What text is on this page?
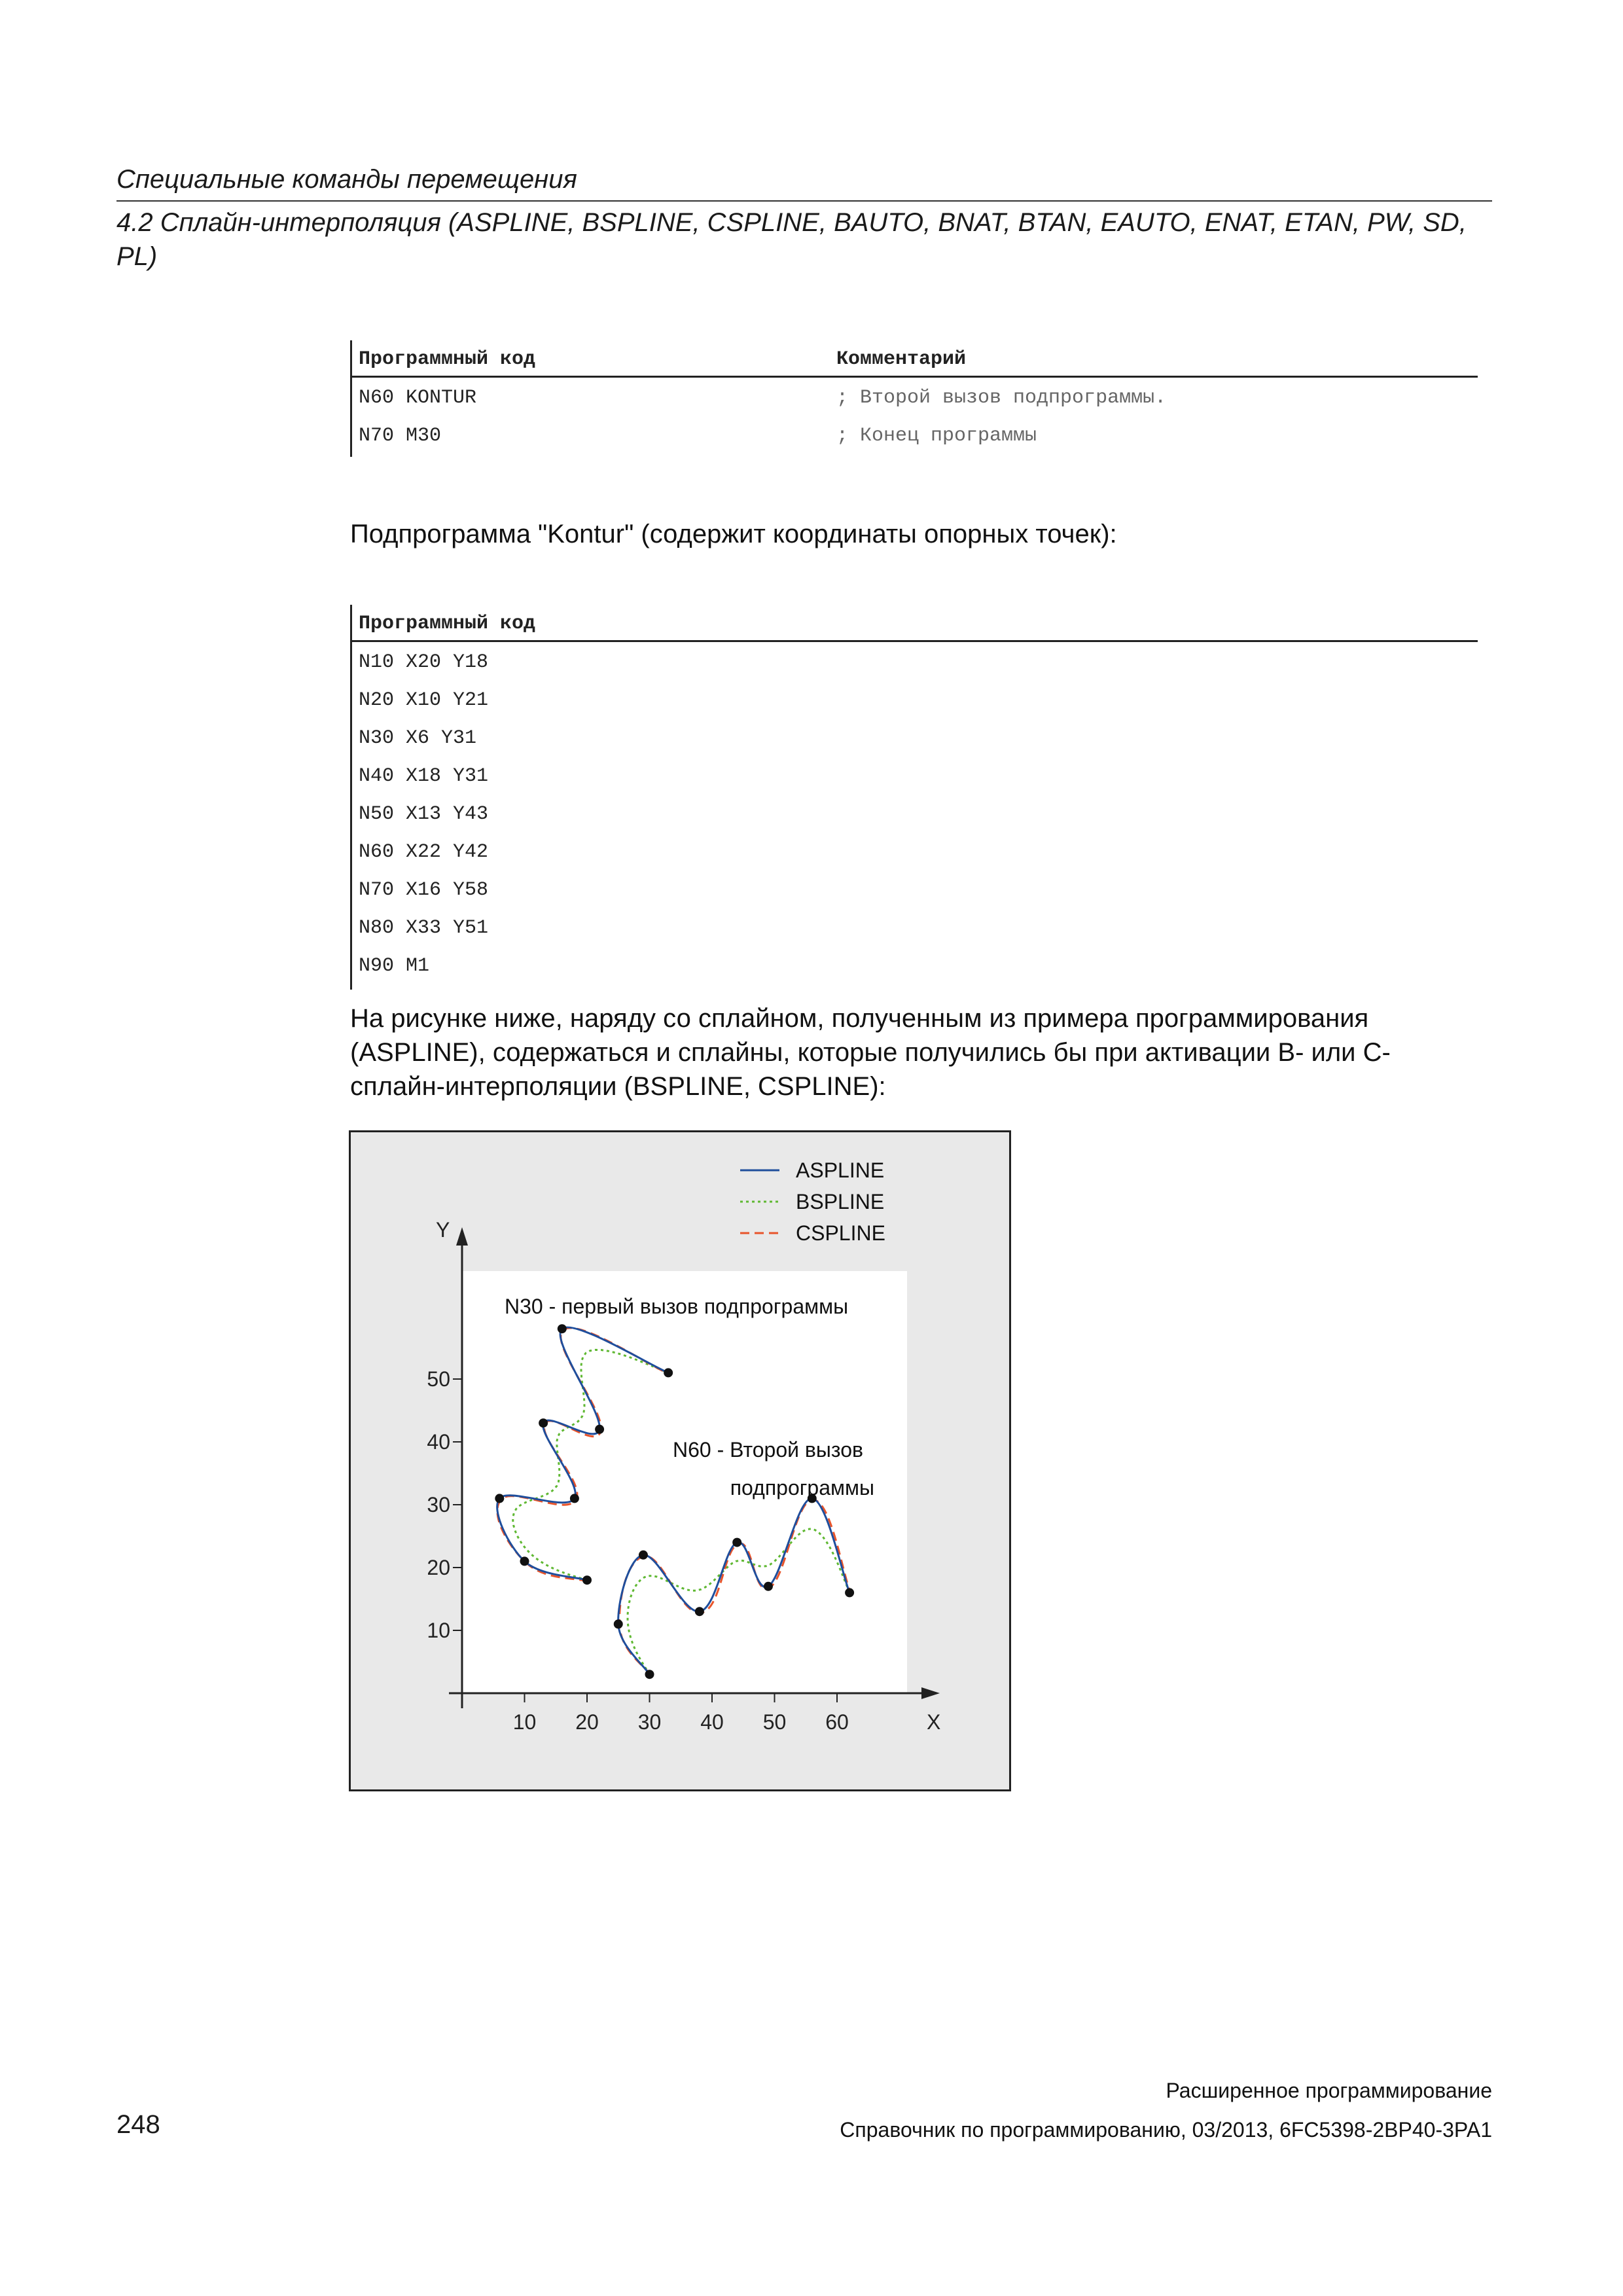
Специальные команды перемещения
4.2 Сплайн-интерполяция (ASPLINE, BSPLINE, CSPLINE, BAUTO, BNAT, BTAN, EAUTO, ENAT, ETAN, PW, SD, PL)
Программный код	Комментарий
N60 KONTUR	; Второй вызов подпрограммы.
N70 M30	; Конец программы
Подпрограмма "Kontur" (содержит координаты опорных точек):
Программный код
N10 X20 Y18
N20 X10 Y21
N30 X6 Y31
N40 X18 Y31
N50 X13 Y43
N60 X22 Y42
N70 X16 Y58
N80 X33 Y51
N90 M1
На рисунке ниже, наряду со сплайном, полученным из примера программирования (ASPLINE), содержаться и сплайны, которые получились бы при активации B- или C-сплайн-интерполяции (BSPLINE, CSPLINE):
X
Y
10 20 30 40 50 60
10
20
30
40
50
N30 - первый вызов подпрограммы
N60 - Второй вызов
подпрограммы
ASPLINE
BSPLINE
CSPLINE
Расширенное программирование
Справочник по программированию, 03/2013, 6FC5398-2BP40-3PA1
248
